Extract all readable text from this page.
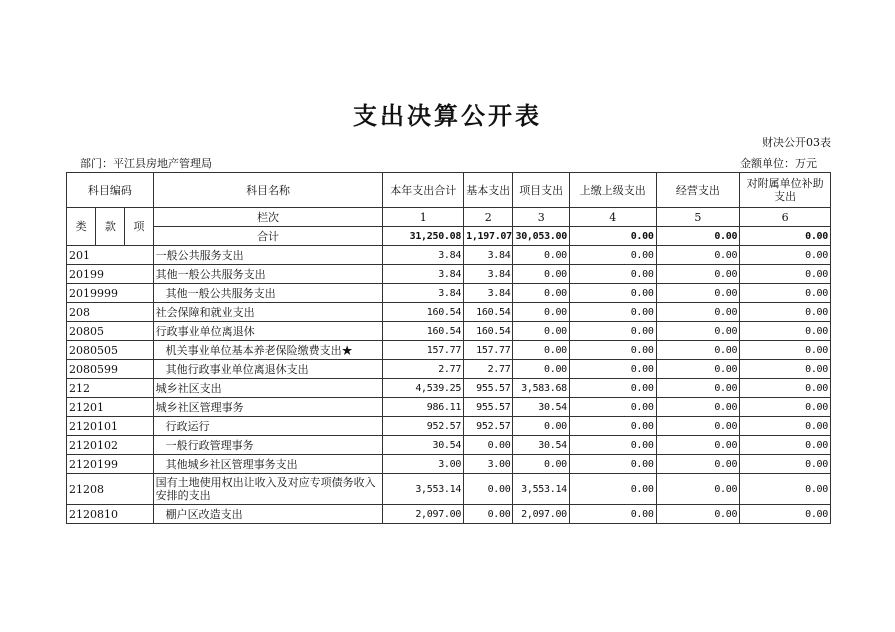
支出决算公开表
财决公开03表
部门：平江县房地产管理局	金额单位：万元
科目编码			科目名称	本年支出合计	基本支出	项目支出	上缴上级支出	经营支出	对附属单位补助支出
类	款	项	栏次	1	2	3	4	5	6
			合计	31,250.08	1,197.07	30,053.00	0.00	0.00	0.00
201			一般公共服务支出	3.84	3.84	0.00	0.00	0.00	0.00
20199			其他一般公共服务支出	3.84	3.84	0.00	0.00	0.00	0.00
2019999			其他一般公共服务支出	3.84	3.84	0.00	0.00	0.00	0.00
208			社会保障和就业支出	160.54	160.54	0.00	0.00	0.00	0.00
20805			行政事业单位离退休	160.54	160.54	0.00	0.00	0.00	0.00
2080505			机关事业单位基本养老保险缴费支出★	157.77	157.77	0.00	0.00	0.00	0.00
2080599			其他行政事业单位离退休支出	2.77	2.77	0.00	0.00	0.00	0.00
212			城乡社区支出	4,539.25	955.57	3,583.68	0.00	0.00	0.00
21201			城乡社区管理事务	986.11	955.57	30.54	0.00	0.00	0.00
2120101			行政运行	952.57	952.57	0.00	0.00	0.00	0.00
2120102			一般行政管理事务	30.54	0.00	30.54	0.00	0.00	0.00
2120199			其他城乡社区管理事务支出	3.00	3.00	0.00	0.00	0.00	0.00
21208			国有土地使用权出让收入及对应专项债务收入安排的支出	3,553.14	0.00	3,553.14	0.00	0.00	0.00
2120810			棚户区改造支出	2,097.00	0.00	2,097.00	0.00	0.00	0.00
